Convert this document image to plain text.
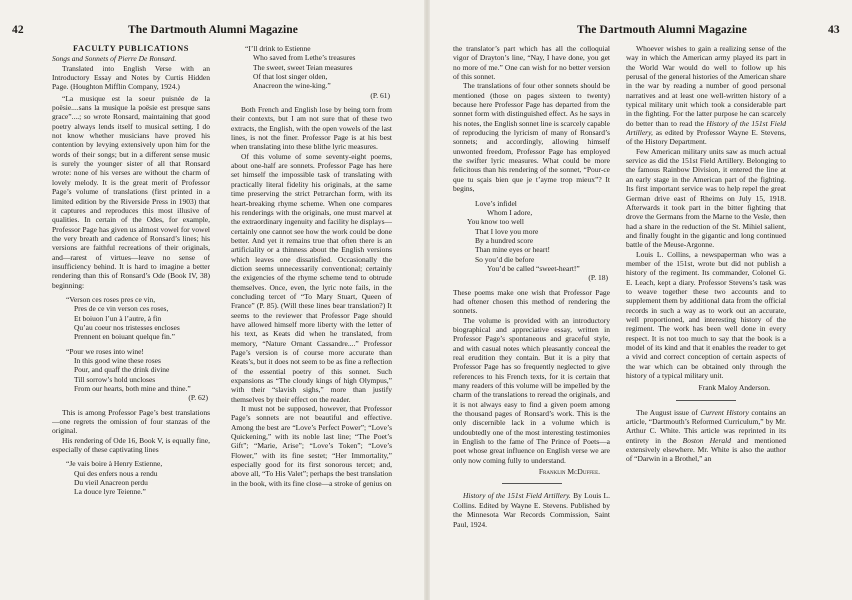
42	The Dartmouth Alumni Magazine
FACULTY PUBLICATIONS

Songs and Sonnets of Pierre De Ronsard.

Translated into English Verse with an Introductory Essay and Notes by Curtis Hidden Page. (Houghton Mifflin Company, 1924.)

“La musique est la soeur puisnée de la poësie....sans la musique la poësie est presque sans grace”....; so wrote Ronsard, maintaining that good poetry always lends itself to musical setting. I do not know whether musicians have proved his contention by levying extensively upon him for the words of their songs; but in a different sense music is surely the younger sister of all that Ronsard wrote: none of his verses are without the charm of lovely melody. It is the great merit of Professor Page’s volume of translations (first printed in a limited edition by the Riverside Press in 1903) that it captures and reproduces this most illusive of qualities. In certain of the Odes, for example, Professor Page has given us almost vowel for vowel the very breath and cadence of Ronsard’s lines; his versions are faithful recreations of their originals, and—rarest of virtues—leave no sense of insufficiency behind. It is hard to imagine a better rendering than this of Ronsard’s Ode (Book IV, 38) beginning:

“Verson ces roses pres ce vin,
Pres de ce vin verson ces roses,
Et boiuon l’un à l’autre, à fin
Qu’au coeur nos tristesses encloses
Prennent en boiuant quelque fin.”
“Pour we roses into wine!
In this good wine these roses
Pour, and quaff the drink divine
Till sorrow’s hold uncloses
From our hearts, both mine and thine.”
(P. 62)

This is among Professor Page’s best translations—one regrets the omission of four stanzas of the original.

His rendering of Ode 16, Book V, is equally fine, especially of these captivating lines

“Je vais boire à Henry Estienne,
Qui des enfers nous a rendu
Du vieil Anacreon perdu
La douce lyre Teienne.”
“I’ll drink to Estienne
Who saved from Lethe’s treasures
The sweet, sweet Teian measures
Of that lost singer olden,
Anacreon the wine-king.”
(P. 61)

Both French and English lose by being torn from their contexts, but I am not sure that of these two extracts, the English, with the open vowels of the last lines, is not the finer. Professor Page is at his best when translating into these blithe lyric measures.

Of this volume of some seventy-eight poems, about one-half are sonnets. Professor Page has here set himself the impossible task of translating with practically literal fidelity his originals, at the same time preserving the strict Petrarchan form, with its heart-breaking rhyme scheme. When one compares his renderings with the originals, one must marvel at the extraordinary ingenuity and facility he displays—certainly one cannot see how the work could be done better. And yet it remains true that often there is an artificiality or a thinness about the English versions which leaves one dissatisfied. Occasionally the diction seems unnecessarily conventional; certainly the exigencies of the rhyme scheme tend to obtrude themselves. Once, even, the lyric note fails, in the concluding tercet of “To Mary Stuart, Queen of France” (P. 85). (Will these lines bear translation?) It seems to the reviewer that Professor Page should have allowed himself more liberty with the letter of his text, as Keats did when he translated, from memory, “Nature Ornant Cassandre....” Professor Page’s version is of course more accurate than Keats’s, but it does not seem to be as fine a reflection of the essential poetry of this sonnet. Such expansions as “The cloudy kings of high Olympus,” with their “slavish sighs,” more than justify themselves by their effect on the reader.

It must not be supposed, however, that Professor Page’s sonnets are not beautiful and effective. Among the best are “Love’s Perfect Power”; “Love’s Quickening,” with its noble last line; “The Poet’s Gift”; “Marie, Arise”; “Love’s Token”; “Love’s Flower,” with its fine sestet; “Her Immortality,” especially good for its first sonorous tercet; and, above all, “To His Valet”; perhaps the best translation in the book, with its fine close—a stroke of genius on

The Dartmouth Alumni Magazine	43

the translator’s part which has all the colloquial vigor of Drayton’s line, “Nay, I have done, you get no more of me.” One can wish for no better version of this sonnet.

The translations of four other sonnets should be mentioned (those on pages sixteen to twenty) because here Professor Page has departed from the sonnet form with distinguished effect. As he says in his notes, the English sonnet line is scarcely capable of reproducing the lyricism of many of Ronsard’s sonnets; and accordingly, allowing himself unwonted freedom, Professor Page has employed the swifter lyric measures. What could be more felicitous than his rendering of the sonnet, “Pour-ce que tu sçais bien que je t’ayme trop mieux”? It begins,

Love’s infidel
Whom I adore,
You know too well
That I love you more
By a hundred score
Than mine eyes or heart!
So you’d die before
You’d be called “sweet-heart!”
(P. 18)

These poems make one wish that Professor Page had oftener chosen this method of rendering the sonnets.

The volume is provided with an introductory biographical and appreciative essay, written in Professor Page’s spontaneous and graceful style, and with casual notes which pleasantly conceal the real erudition they contain. But it is a pity that Professor Page has so frequently neglected to give references to his French texts, for it is certain that many readers of this volume will be impelled by the charm of the translations to reread the originals, and it is not always easy to find a given poem among the thousand pages of Ronsard’s work. This is the only discernible lack in a volume which is undoubtedly one of the most interesting testimonies in English to the fame of The Prince of Poets—a poet whose great influence on English verse we are only now coming fully to understand.

Franklin McDuffee.

History of the 151st Field Artillery. By Louis L. Collins. Edited by Wayne E. Stevens. Published by the Minnesota War Records Commission, Saint Paul, 1924.

Whoever wishes to gain a realizing sense of the way in which the American army played its part in the World War would do well to follow up his perusal of the general histories of the American share in the war by reading a number of good personal narratives and at least one well-written history of a typical military unit which took a considerable part in the fighting. For the latter purpose he can scarcely do better than to read the History of the 151st Field Artillery, as edited by Professor Wayne E. Stevens, of the History Department.

Few American military units saw as much actual service as did the 151st Field Artillery. Belonging to the famous Rainbow Division, it entered the line at an early stage in the American part of the fighting. Its first important service was to help repel the great German drive east of Rheims on July 15, 1918. Afterwards it took part in the bitter fighting that drove the Germans from the Marne to the Vesle, then had a share in the reduction of the St. Mihiel salient, and finally fought in the gigantic and long continued battle of the Meuse-Argonne.

Louis L. Collins, a newspaperman who was a member of the 151st, wrote but did not publish a history of the regiment. Its commander, Colonel G. E. Leach, kept a diary. Professor Stevens’s task was to weave together these two accounts and to supplement them by additional data from the official records in such a way as to work out an accurate, well proportioned, and interesting history of the regiment. The work has been well done in every respect. It is not too much to say that the book is a model of its kind and that it enables the reader to get a vivid and correct conception of certain aspects of the war which can be obtained only through the history of a typical military unit.

Frank Maloy Anderson.

The August issue of Current History contains an article, “Dartmouth’s Reformed Curriculum,” by Mr. Arthur C. White. This article was reprinted in its entirety in the Boston Herald and mentioned extensively elsewhere. Mr. White is also the author of “Darwin in a Brothel,” an
